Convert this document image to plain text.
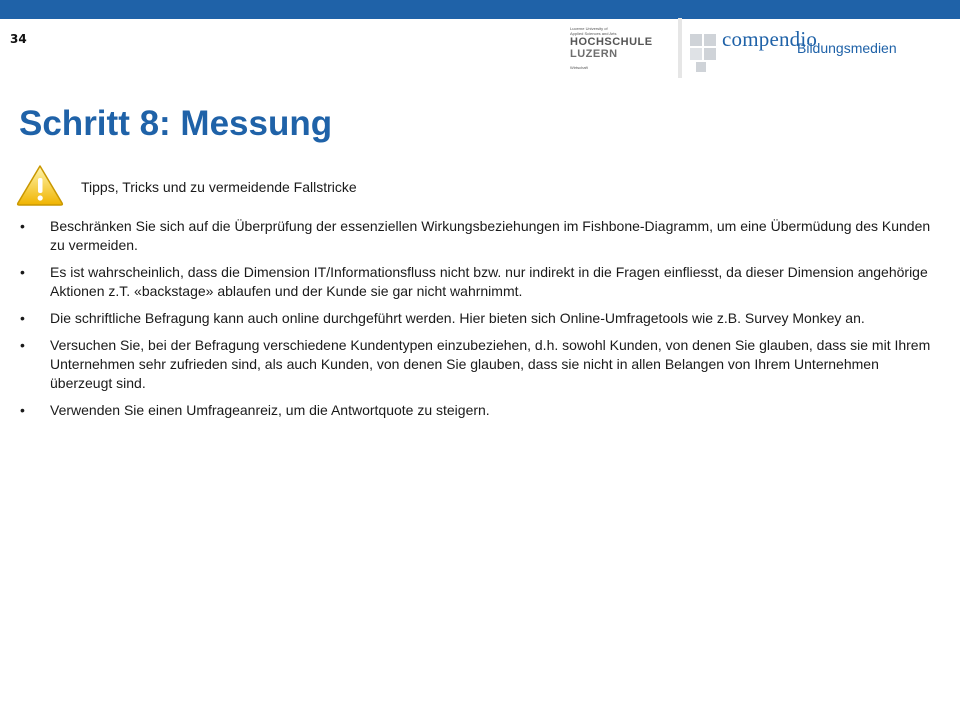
34
Lucerne University of
Applied Sciences and Arts
HOCHSCHULE
LUZERN
Wirtschaft
compendio
Bildungsmedien
Schritt 8: Messung
Tipps, Tricks und zu vermeidende Fallstricke
• Beschränken Sie sich auf die Überprüfung der essenziellen Wirkungsbeziehungen im Fishbone-Diagramm, um eine Übermüdung des Kunden zu vermeiden.
• Es ist wahrscheinlich, dass die Dimension IT/Informationsfluss nicht bzw. nur indirekt in die Fragen einfliesst, da dieser Dimension angehörige Aktionen z.T. «backstage» ablaufen und der Kunde sie gar nicht wahrnimmt.
• Die schriftliche Befragung kann auch online durchgeführt werden. Hier bieten sich Online-Umfragetools wie z.B. Survey Monkey an.
• Versuchen Sie, bei der Befragung verschiedene Kundentypen einzubeziehen, d.h. sowohl Kunden, von denen Sie glauben, dass sie mit Ihrem Unternehmen sehr zufrieden sind, als auch Kunden, von denen Sie glauben, dass sie nicht in allen Belangen von Ihrem Unternehmen überzeugt sind.
• Verwenden Sie einen Umfrageanreiz, um die Antwortquote zu steigern.
